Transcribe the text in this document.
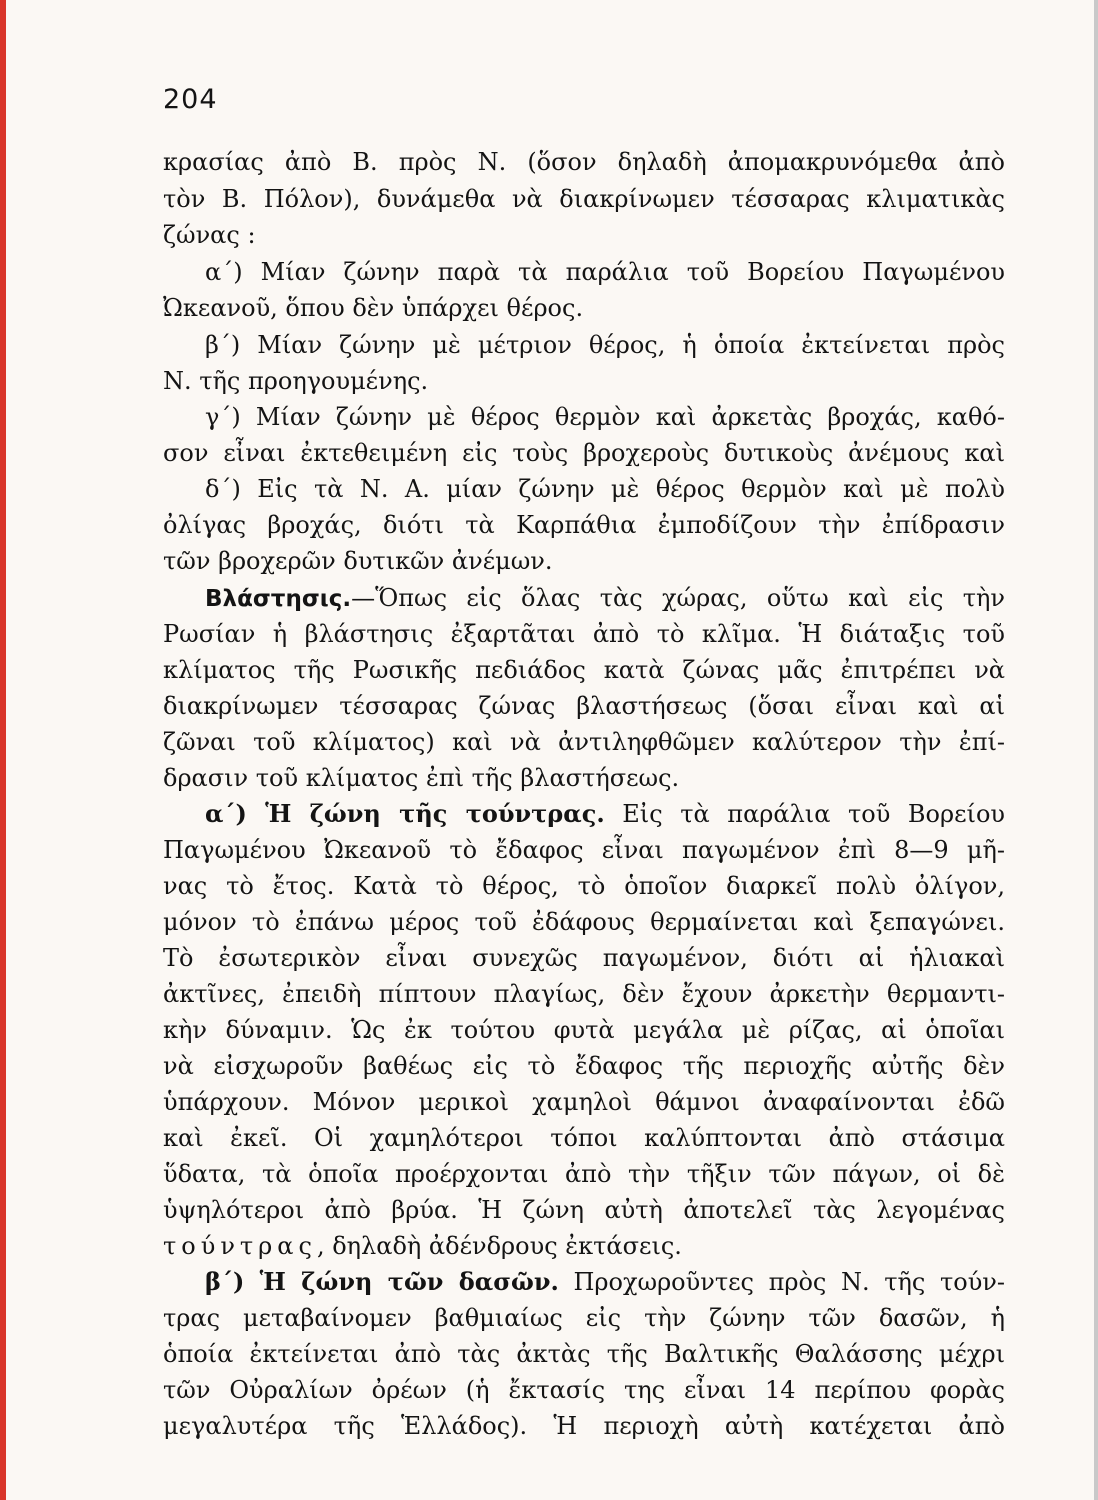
204
κρασίας ἀπὸ Β. πρὸς Ν. (ὅσον δηλαδὴ ἀπομακρυνόμεθα ἀπὸ
τὸν Β. Πόλον), δυνάμεθα νὰ διακρίνωμεν τέσσαρας κλιματικὰς
ζώνας :
α΄) Μίαν ζώνην παρὰ τὰ παράλια τοῦ Βορείου Παγωμένου
Ὠκεανοῦ, ὅπου δὲν ὑπάρχει θέρος.
β΄) Μίαν ζώνην μὲ μέτριον θέρος, ἡ ὁποία ἐκτείνεται πρὸς
Ν. τῆς προηγουμένης.
γ΄) Μίαν ζώνην μὲ θέρος θερμὸν καὶ ἀρκετὰς βροχάς, καθό-
σον εἶναι ἐκτεθειμένη εἰς τοὺς βροχεροὺς δυτικοὺς ἀνέμους καὶ
δ΄) Εἰς τὰ Ν. Α. μίαν ζώνην μὲ θέρος θερμὸν καὶ μὲ πολὺ
ὀλίγας βροχάς, διότι τὰ Καρπάθια ἐμποδίζουν τὴν ἐπίδρασιν
τῶν βροχερῶν δυτικῶν ἀνέμων.
Βλάστησις.—Ὅπως εἰς ὅλας τὰς χώρας, οὕτω καὶ εἰς τὴν
Ρωσίαν ἡ βλάστησις ἐξαρτᾶται ἀπὸ τὸ κλῖμα. Ἡ διάταξις τοῦ
κλίματος τῆς Ρωσικῆς πεδιάδος κατὰ ζώνας μᾶς ἐπιτρέπει νὰ
διακρίνωμεν τέσσαρας ζώνας βλαστήσεως (ὅσαι εἶναι καὶ αἱ
ζῶναι τοῦ κλίματος) καὶ νὰ ἀντιληφθῶμεν καλύτερον τὴν ἐπί-
δρασιν τοῦ κλίματος ἐπὶ τῆς βλαστήσεως.
α΄) Ἡ ζώνη τῆς τούντρας. Εἰς τὰ παράλια τοῦ Βορείου
Παγωμένου Ὠκεανοῦ τὸ ἔδαφος εἶναι παγωμένον ἐπὶ 8—9 μῆ-
νας τὸ ἔτος. Κατὰ τὸ θέρος, τὸ ὁποῖον διαρκεῖ πολὺ ὀλίγον,
μόνον τὸ ἐπάνω μέρος τοῦ ἐδάφους θερμαίνεται καὶ ξεπαγώνει.
Τὸ ἐσωτερικὸν εἶναι συνεχῶς παγωμένον, διότι αἱ ἡλιακαὶ
ἀκτῖνες, ἐπειδὴ πίπτουν πλαγίως, δὲν ἔχουν ἀρκετὴν θερμαντι-
κὴν δύναμιν. Ὡς ἐκ τούτου φυτὰ μεγάλα μὲ ρίζας, αἱ ὁποῖαι
νὰ εἰσχωροῦν βαθέως εἰς τὸ ἔδαφος τῆς περιοχῆς αὐτῆς δὲν
ὑπάρχουν. Μόνον μερικοὶ χαμηλοὶ θάμνοι ἀναφαίνονται ἐδῶ
καὶ ἐκεῖ. Οἱ χαμηλότεροι τόποι καλύπτονται ἀπὸ στάσιμα
ὕδατα, τὰ ὁποῖα προέρχονται ἀπὸ τὴν τῆξιν τῶν πάγων, οἱ δὲ
ὑψηλότεροι ἀπὸ βρύα. Ἡ ζώνη αὐτὴ ἀποτελεῖ τὰς λεγομένας
τούντρας, δηλαδὴ ἀδένδρους ἐκτάσεις.
β΄) Ἡ ζώνη τῶν δασῶν. Προχωροῦντες πρὸς Ν. τῆς τούν-
τρας μεταβαίνομεν βαθμιαίως εἰς τὴν ζώνην τῶν δασῶν, ἡ
ὁποία ἐκτείνεται ἀπὸ τὰς ἀκτὰς τῆς Βαλτικῆς Θαλάσσης μέχρι
τῶν Οὐραλίων ὀρέων (ἡ ἔκτασίς της εἶναι 14 περίπου φορὰς
μεγαλυτέρα τῆς Ἑλλάδος). Ἡ περιοχὴ αὐτὴ κατέχεται ἀπὸ
